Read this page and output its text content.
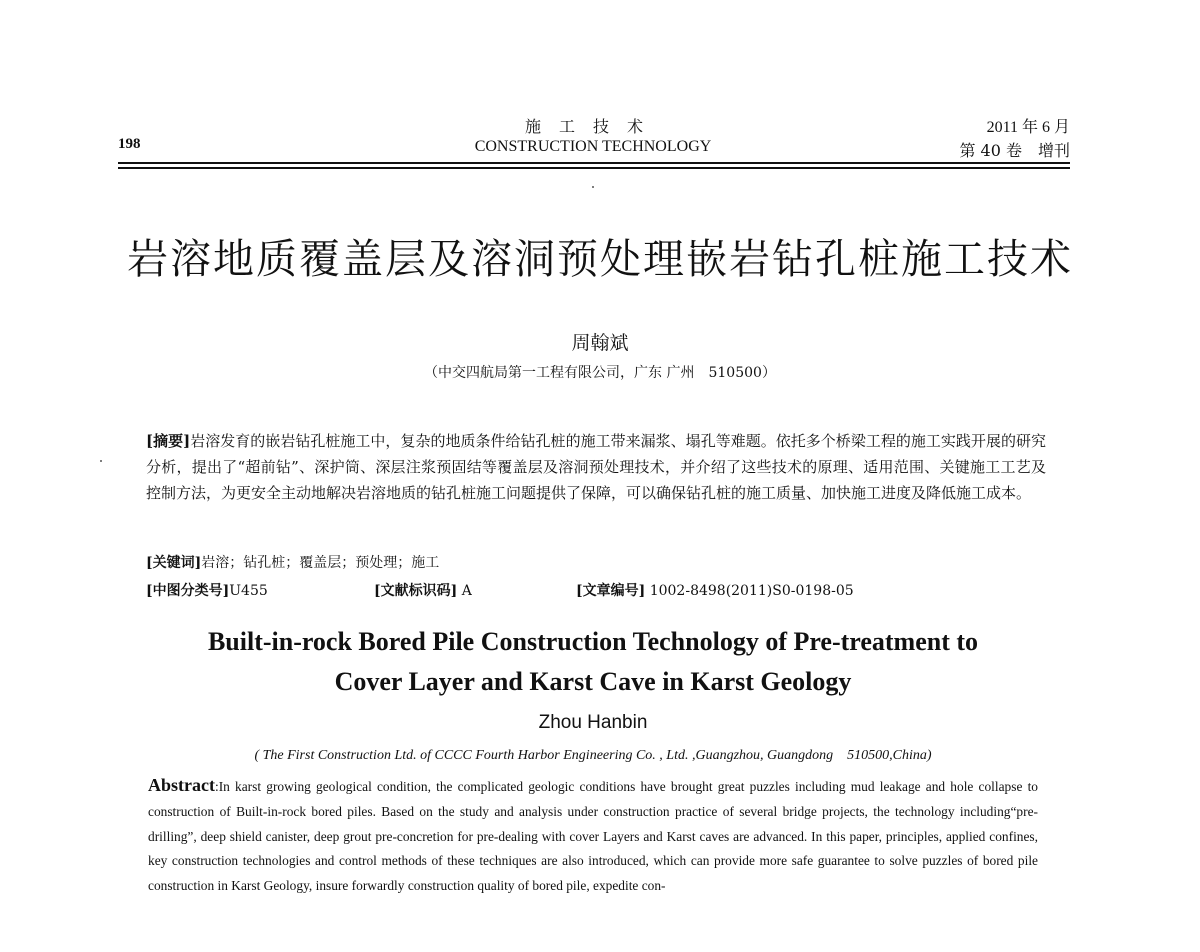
施工技术
198	CONSTRUCTION TECHNOLOGY
2011 年 6 月
第 40 卷　增刊
岩溶地质覆盖层及溶洞预处理嵌岩钻孔桩施工技术
周翰斌
（中交四航局第一工程有限公司，广东 广州　510500）
[摘要]岩溶发育的嵌岩钻孔桩施工中，复杂的地质条件给钻孔桩的施工带来漏浆、塌孔等难题。依托多个桥梁工程的施工实践开展的研究分析，提出了“超前钻”、深护筒、深层注浆预固结等覆盖层及溶洞预处理技术，并介绍了这些技术的原理、适用范围、关键施工工艺及控制方法，为更安全主动地解决岩溶地质的钻孔桩施工问题提供了保障，可以确保钻孔桩的施工质量、加快施工进度及降低施工成本。
[关键词]岩溶；钻孔桩；覆盖层；预处理；施工
[中图分类号]U455	[文献标识码] A	[文章编号] 1002-8498(2011)S0-0198-05
Built-in-rock Bored Pile Construction Technology of Pre-treatment to
Cover Layer and Karst Cave in Karst Geology
Zhou Hanbin
( The First Construction Ltd. of CCCC Fourth Harbor Engineering Co. , Ltd. ,Guangzhou, Guangdong　510500,China)
Abstract:In karst growing geological condition, the complicated geologic conditions have brought great puzzles including mud leakage and hole collapse to construction of Built-in-rock bored piles. Based on the study and analysis under construction practice of several bridge projects, the technology including“pre-drilling”, deep shield canister, deep grout pre-concretion for pre-dealing with cover Layers and Karst caves are advanced. In this paper, principles, applied confines, key construction technologies and control methods of these techniques are also introduced, which can provide more safe guarantee to solve puzzles of bored pile construction in Karst Geology, insure forwardly construction quality of bored pile, expedite con-
